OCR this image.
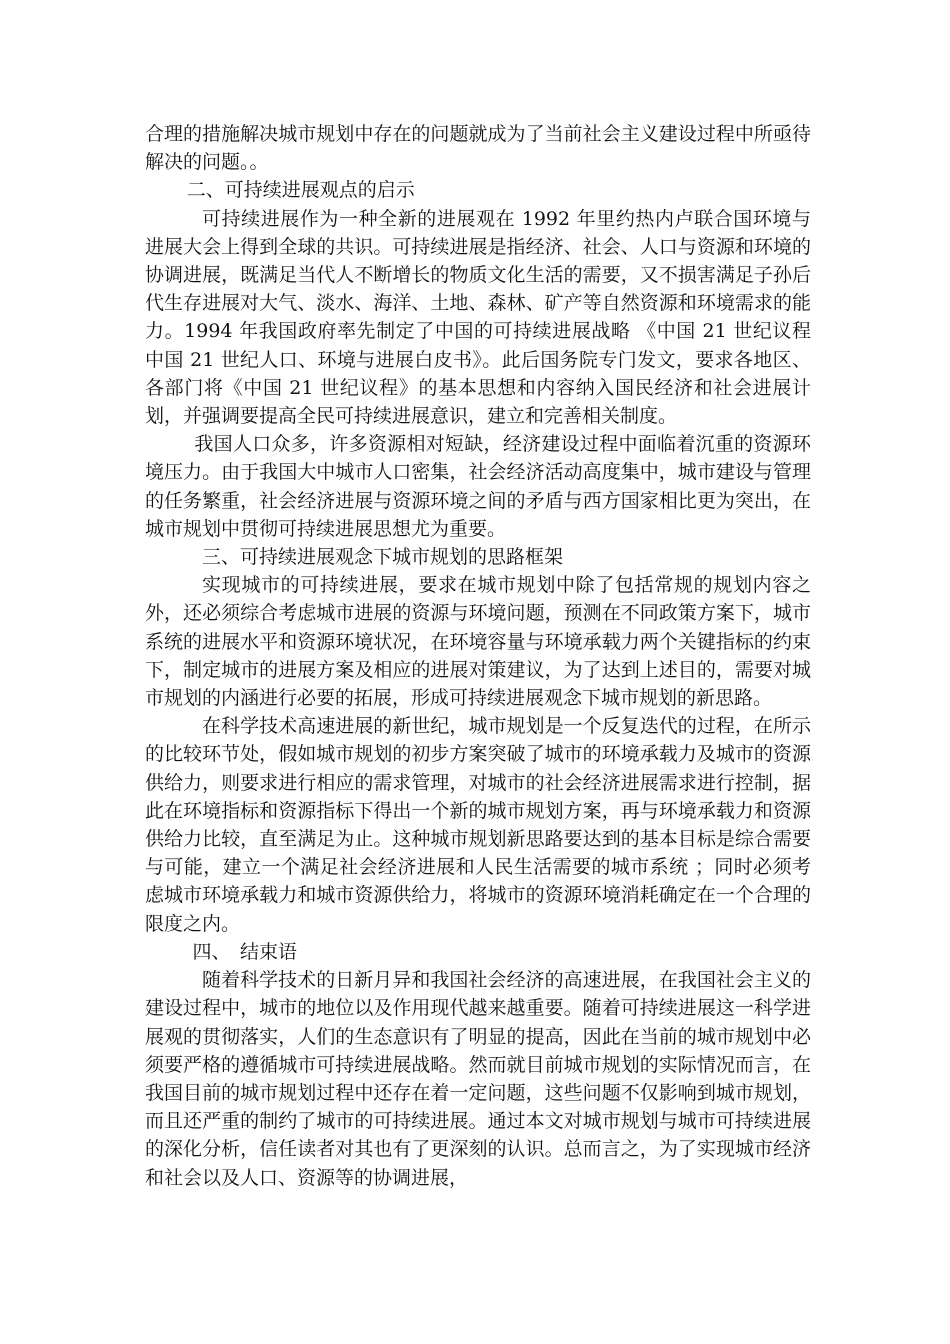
合理的措施解决城市规划中存在的问题就成为了当前社会主义建设过程中所亟待解决的问题。。

二、可持续进展观点的启示

可持续进展作为一种全新的进展观在 1992 年里约热内卢联合国环境与进展大会上得到全球的共识。可持续进展是指经济、社会、人口与资源和环境的协调进展，既满足当代人不断增长的物质文化生活的需要，又不损害满足子孙后代生存进展对大气、淡水、海洋、土地、森林、矿产等自然资源和环境需求的能力。1994 年我国政府率先制定了中国的可持续进展战略 《中国 21 世纪议程 中国 21 世纪人口、环境与进展白皮书》。此后国务院专门发文，要求各地区、各部门将《中国 21 世纪议程》的基本思想和内容纳入国民经济和社会进展计划，并强调要提高全民可持续进展意识，建立和完善相关制度。

我国人口众多，许多资源相对短缺，经济建设过程中面临着沉重的资源环境压力。由于我国大中城市人口密集，社会经济活动高度集中，城市建设与管理的任务繁重，社会经济进展与资源环境之间的矛盾与西方国家相比更为突出，在城市规划中贯彻可持续进展思想尤为重要。

三、可持续进展观念下城市规划的思路框架

实现城市的可持续进展，要求在城市规划中除了包括常规的规划内容之外，还必须综合考虑城市进展的资源与环境问题，预测在不同政策方案下，城市系统的进展水平和资源环境状况，在环境容量与环境承载力两个关键指标的约束下，制定城市的进展方案及相应的进展对策建议，为了达到上述目的，需要对城市规划的内涵进行必要的拓展，形成可持续进展观念下城市规划的新思路。

在科学技术高速进展的新世纪，城市规划是一个反复迭代的过程，在所示的比较环节处，假如城市规划的初步方案突破了城市的环境承载力及城市的资源供给力，则要求进行相应的需求管理，对城市的社会经济进展需求进行控制，据此在环境指标和资源指标下得出一个新的城市规划方案，再与环境承载力和资源供给力比较，直至满足为止。这种城市规划新思路要达到的基本目标是综合需要与可能，建立一个满足社会经济进展和人民生活需要的城市系统 ；同时必须考虑城市环境承载力和城市资源供给力，将城市的资源环境消耗确定在一个合理的限度之内。

四、　结束语

随着科学技术的日新月异和我国社会经济的高速进展，在我国社会主义的建设过程中，城市的地位以及作用现代越来越重要。随着可持续进展这一科学进展观的贯彻落实，人们的生态意识有了明显的提高，因此在当前的城市规划中必须要严格的遵循城市可持续进展战略。然而就目前城市规划的实际情况而言，在我国目前的城市规划过程中还存在着一定问题，这些问题不仅影响到城市规划，而且还严重的制约了城市的可持续进展。通过本文对城市规划与城市可持续进展的深化分析，信任读者对其也有了更深刻的认识。总而言之，为了实现城市经济和社会以及人口、资源等的协调进展，
